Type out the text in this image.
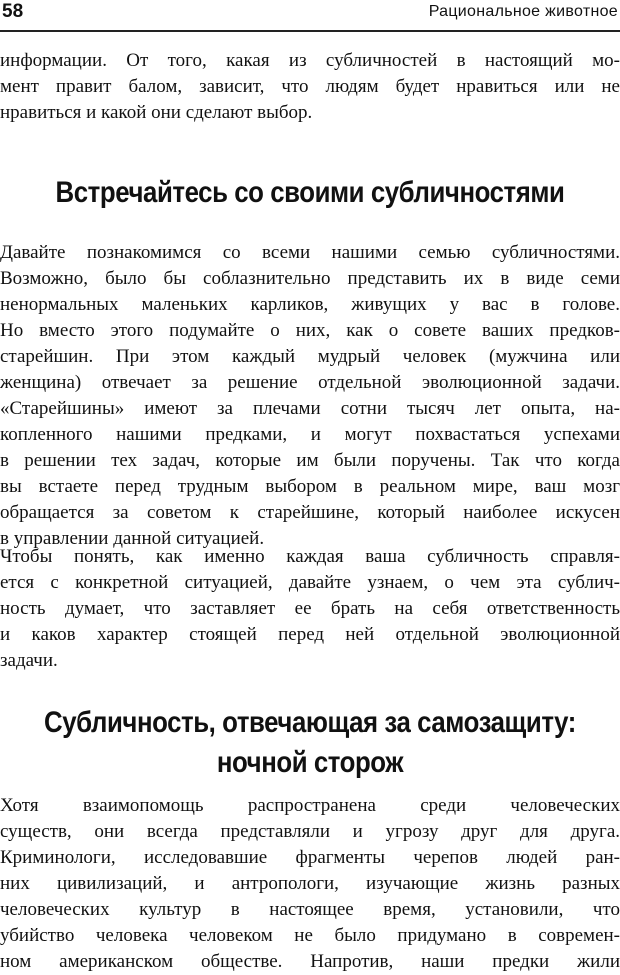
58	Рациональное животное
информации. От того, какая из субличностей в настоящий мо-
мент правит балом, зависит, что людям будет нравиться или не
нравиться и какой они сделают выбор.
Встречайтесь со своими субличностями
Давайте познакомимся со всеми нашими семью субличностями.
Возможно, было бы соблазнительно представить их в виде семи
ненормальных маленьких карликов, живущих у вас в голове.
Но вместо этого подумайте о них, как о совете ваших предков-
старейшин. При этом каждый мудрый человек (мужчина или
женщина) отвечает за решение отдельной эволюционной задачи.
«Старейшины» имеют за плечами сотни тысяч лет опыта, на-
копленного нашими предками, и могут похвастаться успехами
в решении тех задач, которые им были поручены. Так что когда
вы встаете перед трудным выбором в реальном мире, ваш мозг
обращается за советом к старейшине, который наиболее искусен
в управлении данной ситуацией.
Чтобы понять, как именно каждая ваша субличность справля-
ется с конкретной ситуацией, давайте узнаем, о чем эта сублич-
ность думает, что заставляет ее брать на себя ответственность
и каков характер стоящей перед ней отдельной эволюционной
задачи.
Субличность, отвечающая за самозащиту:
ночной сторож
Хотя взаимопомощь распространена среди человеческих
существ, они всегда представляли и угрозу друг для друга.
Криминологи, исследовавшие фрагменты черепов людей ран-
них цивилизаций, и антропологи, изучающие жизнь разных
человеческих культур в настоящее время, установили, что
убийство человека человеком не было придумано в современ-
ном американском обществе. Напротив, наши предки жили
